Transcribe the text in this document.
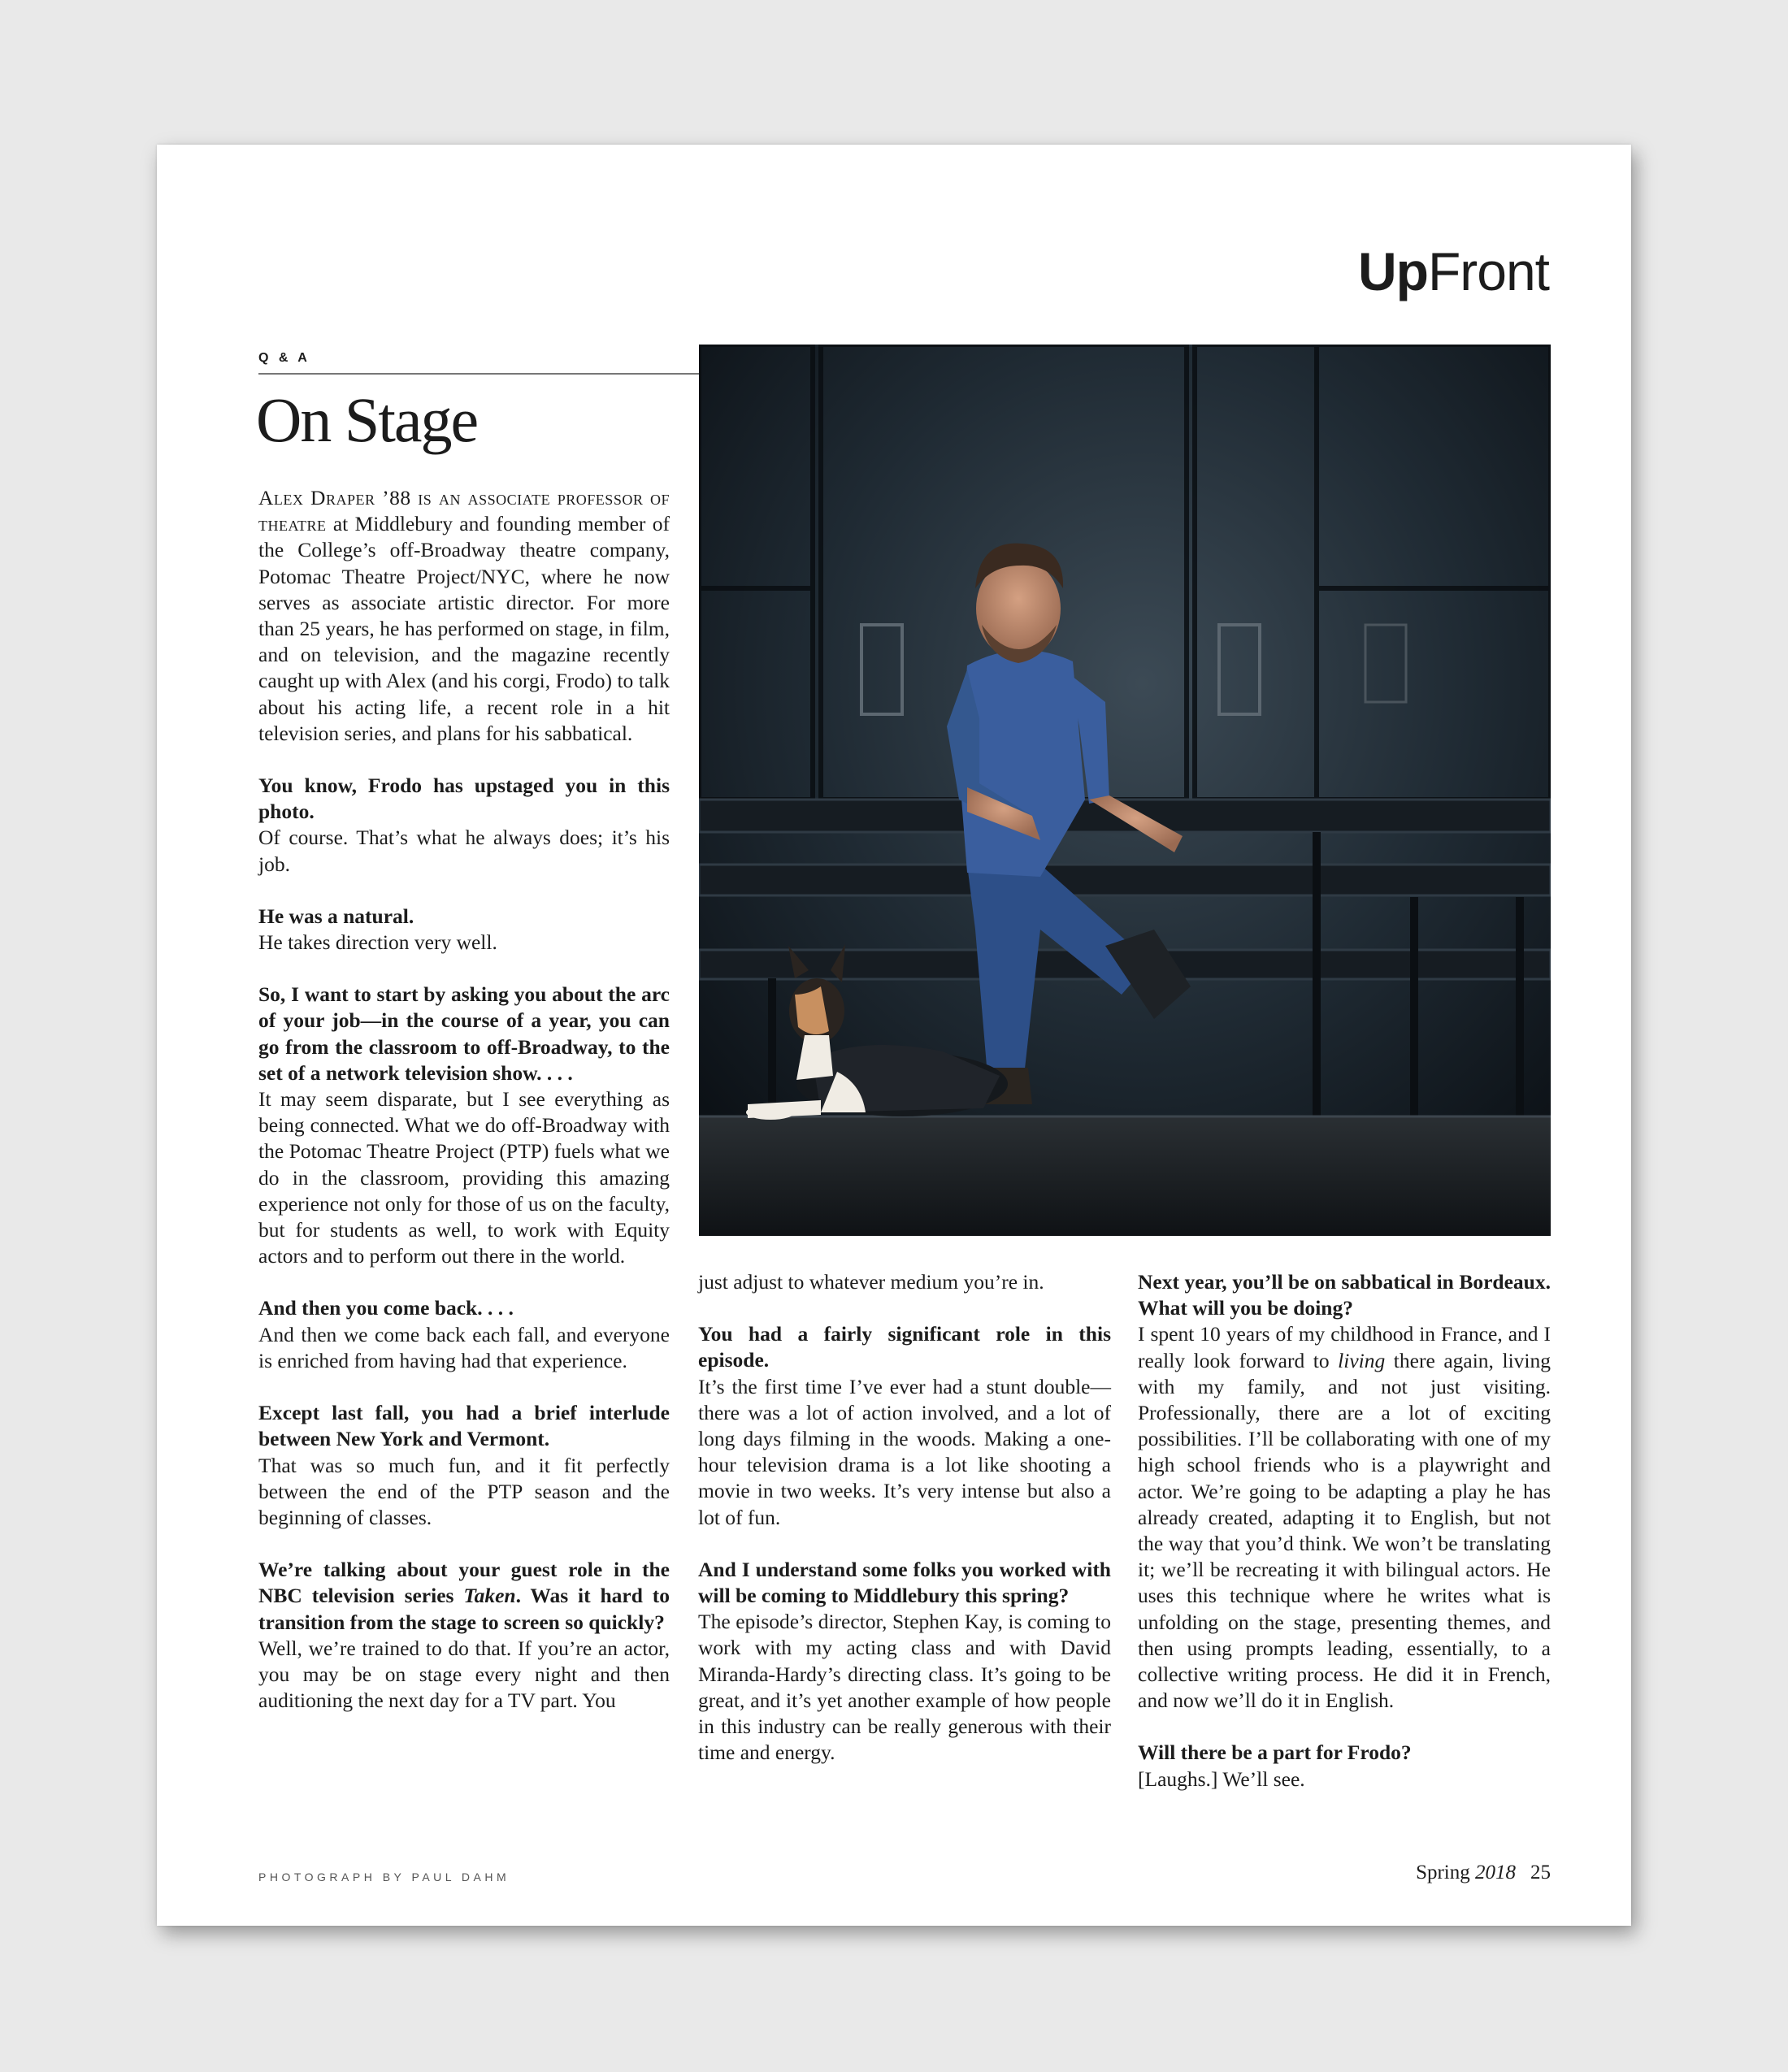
UpFront
Q & A
On Stage

Alex Draper ’88 is an associate professor of theatre at Middlebury and founding member of the College’s off-Broadway theatre company, Potomac Theatre Project/NYC, where he now serves as associate artistic director. For more than 25 years, he has performed on stage, in film, and on television, and the magazine recently caught up with Alex (and his corgi, Frodo) to talk about his acting life, a recent role in a hit television series, and plans for his sabbatical.

You know, Frodo has upstaged you in this photo.
Of course. That’s what he always does; it’s his job.

He was a natural.
He takes direction very well.

So, I want to start by asking you about the arc of your job—in the course of a year, you can go from the classroom to off-Broadway, to the set of a network television show. . . .
It may seem disparate, but I see everything as being connected. What we do off-Broadway with the Potomac Theatre Project (PTP) fuels what we do in the classroom, providing this amazing experience not only for those of us on the faculty, but for students as well, to work with Equity actors and to perform out there in the world.

And then you come back. . . .
And then we come back each fall, and everyone is enriched from having had that experience.

Except last fall, you had a brief interlude between New York and Vermont.
That was so much fun, and it fit perfectly between the end of the PTP season and the beginning of classes.

We’re talking about your guest role in the NBC television series Taken. Was it hard to transition from the stage to screen so quickly?
Well, we’re trained to do that. If you’re an actor, you may be on stage every night and then auditioning the next day for a TV part. You

just adjust to whatever medium you’re in.

You had a fairly significant role in this episode.
It’s the first time I’ve ever had a stunt double—there was a lot of action involved, and a lot of long days filming in the woods. Making a one-hour television drama is a lot like shooting a movie in two weeks. It’s very intense but also a lot of fun.

And I understand some folks you worked with will be coming to Middlebury this spring?
The episode’s director, Stephen Kay, is coming to work with my acting class and with David Miranda-Hardy’s directing class. It’s going to be great, and it’s yet another example of how people in this industry can be really generous with their time and energy.

Next year, you’ll be on sabbatical in Bordeaux. What will you be doing?
I spent 10 years of my childhood in France, and I really look forward to living there again, living with my family, and not just visiting. Professionally, there are a lot of exciting possibilities. I’ll be collaborating with one of my high school friends who is a playwright and actor. We’re going to be adapting a play he has already created, adapting it to English, but not the way that you’d think. We won’t be translating it; we’ll be recreating it with bilingual actors. He uses this technique where he writes what is unfolding on the stage, presenting themes, and then using prompts leading, essentially, to a collective writing process. He did it in French, and now we’ll do it in English.

Will there be a part for Frodo?
[Laughs.] We’ll see.

PHOTOGRAPH BY PAUL DAHM	Spring 2018 25
